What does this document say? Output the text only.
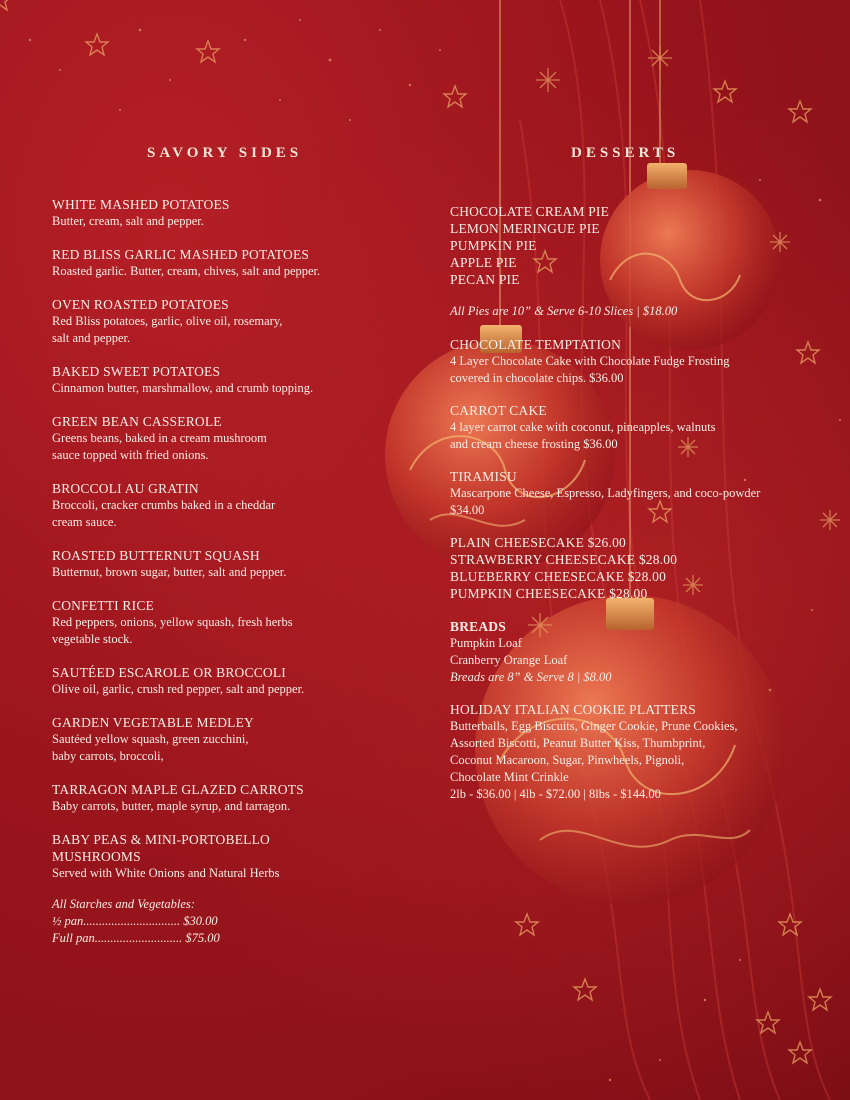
SAVORY SIDES
WHITE MASHED POTATOES
Butter, cream, salt and pepper.
RED BLISS GARLIC MASHED POTATOES
Roasted garlic. Butter, cream, chives, salt and pepper.
OVEN ROASTED POTATOES
Red Bliss potatoes, garlic, olive oil, rosemary,
salt and pepper.
BAKED SWEET POTATOES
Cinnamon butter, marshmallow, and crumb topping.
GREEN BEAN CASSEROLE
Greens beans, baked in a cream mushroom
sauce topped with fried onions.
BROCCOLI AU GRATIN
Broccoli, cracker crumbs baked in a cheddar
cream sauce.
ROASTED BUTTERNUT SQUASH
Butternut, brown sugar, butter, salt and pepper.
CONFETTI RICE
Red peppers, onions, yellow squash, fresh herbs
vegetable stock.
SAUTÉED ESCAROLE OR BROCCOLI
Olive oil, garlic, crush red pepper, salt and pepper.
GARDEN VEGETABLE MEDLEY
Sautéed yellow squash, green zucchini,
baby carrots, broccoli,
TARRAGON MAPLE GLAZED CARROTS
Baby carrots, butter, maple syrup, and tarragon.
BABY PEAS & MINI-PORTOBELLO
MUSHROOMS
Served with White Onions and Natural Herbs
All Starches and Vegetables:
½ pan............................... $30.00
Full pan............................ $75.00
DESSERTS
CHOCOLATE CREAM PIE
LEMON MERINGUE PIE
PUMPKIN PIE
APPLE PIE
PECAN PIE
All Pies are 10” & Serve 6-10 Slices | $18.00
CHOCOLATE TEMPTATION
4 Layer Chocolate Cake with Chocolate Fudge Frosting
covered in chocolate chips. $36.00
CARROT CAKE
4 layer carrot cake with coconut, pineapples, walnuts
and cream cheese frosting $36.00
TIRAMISU
Mascarpone Cheese, Espresso, Ladyfingers, and coco-powder
$34.00
PLAIN CHEESECAKE $26.00
STRAWBERRY CHEESECAKE $28.00
BLUEBERRY CHEESECAKE $28.00
PUMPKIN CHEESECAKE $28.00
BREADS
Pumpkin Loaf
Cranberry Orange Loaf
Breads are 8” & Serve 8 | $8.00
HOLIDAY ITALIAN COOKIE PLATTERS
Butterballs, Egg Biscuits, Ginger Cookie, Prune Cookies,
Assorted Biscotti, Peanut Butter Kiss, Thumbprint,
Coconut Macaroon, Sugar, Pinwheels, Pignoli,
Chocolate Mint Crinkle
2lb - $36.00 | 4lb - $72.00 | 8lbs - $144.00
